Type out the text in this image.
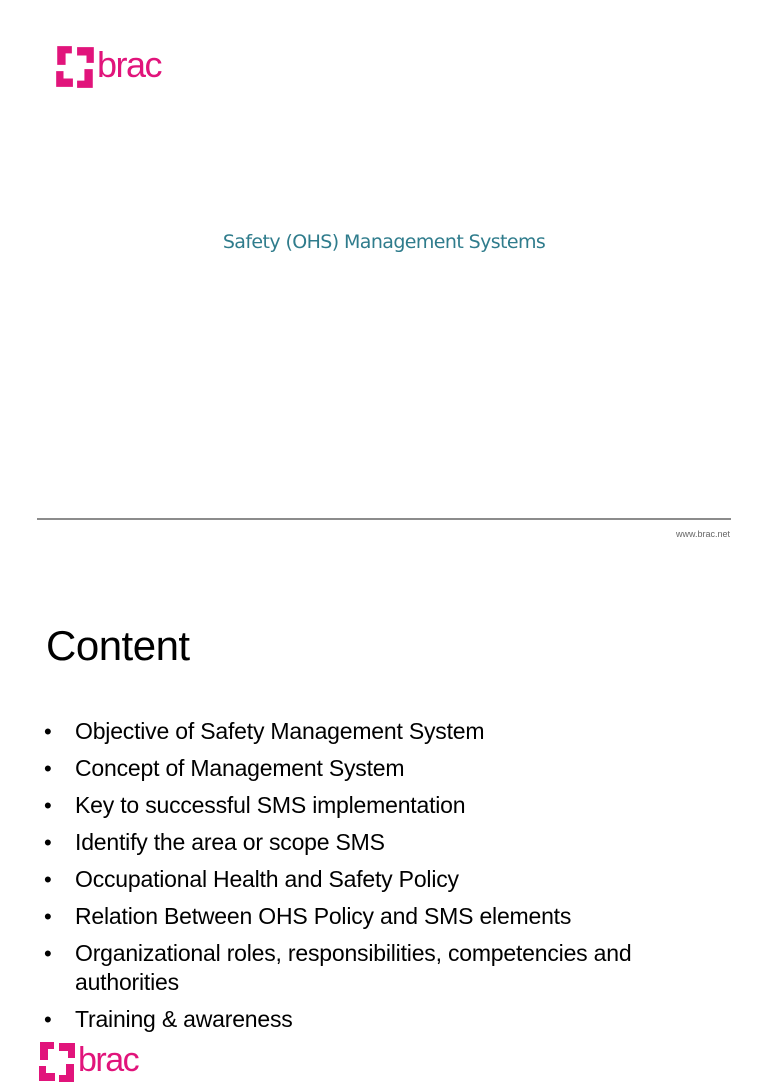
brac
Safety (OHS) Management Systems
brac
www.brac.net
Content
• Objective of Safety Management System
• Concept of Management System
• Key to successful SMS implementation
• Identify the area or scope SMS
• Occupational Health and Safety Policy
• Relation Between OHS Policy and SMS elements
• Organizational roles, responsibilities, competencies and authorities
• Training & awareness
